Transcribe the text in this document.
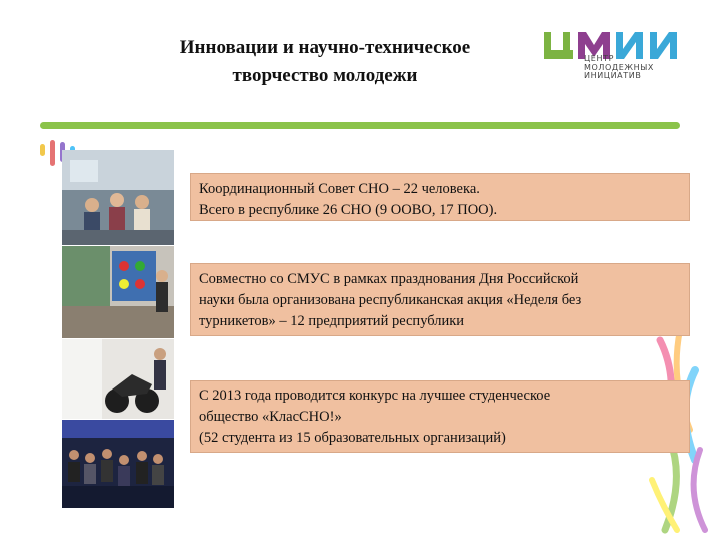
Инновации и научно-техническое
творчество молодежи
ЦЕНТР
МОЛОДЕЖНЫХ
ИНИЦИАТИВ
Координационный Совет СНО – 22 человека.
Всего в республике 26 СНО (9 ООВО, 17 ПОО).
Совместно со СМУС в рамках празднования Дня Российской
науки была организована республиканская акция «Неделя без
турникетов» – 12 предприятий республики
С 2013 года проводится конкурс на лучшее студенческое
общество «КласСНО!»
(52 студента из 15 образовательных организаций)
